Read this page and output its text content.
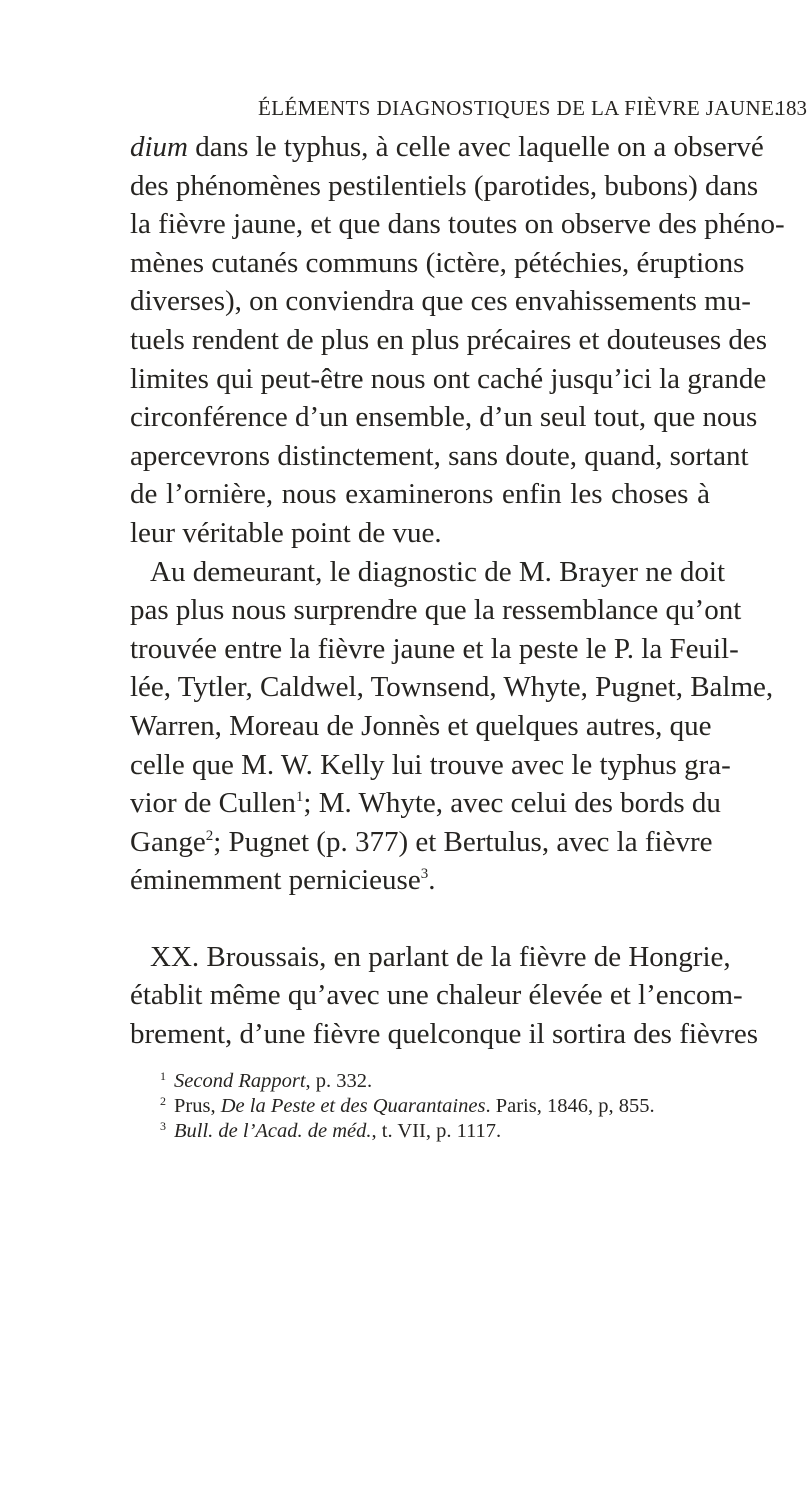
ÉLÉMENTS DIAGNOSTIQUES DE LA FIÈVRE JAUNE.
183
dium dans le typhus, à celle avec laquelle on a observé
des phénomènes pestilentiels (parotides, bubons) dans
la fièvre jaune, et que dans toutes on observe des phéno-
mènes cutanés communs (ictère, pétéchies, éruptions
diverses), on conviendra que ces envahissements mu-
tuels rendent de plus en plus précaires et douteuses des
limites qui peut-être nous ont caché jusqu’ici la grande
circonférence d’un ensemble, d’un seul tout, que nous
apercevrons distinctement, sans doute, quand, sortant
de l’ornière, nous examinerons enfin les choses à
leur véritable point de vue.
Au demeurant, le diagnostic de M. Brayer ne doit
pas plus nous surprendre que la ressemblance qu’ont
trouvée entre la fièvre jaune et la peste le P. la Feuil-
lée, Tytler, Caldwel, Townsend, Whyte, Pugnet, Balme,
Warren, Moreau de Jonnès et quelques autres, que
celle que M. W. Kelly lui trouve avec le typhus gra-
vior de Cullen$^1$; M. Whyte, avec celui des bords du
Gange$^2$; Pugnet (p. 377) et Bertulus, avec la fièvre
éminemment pernicieuse$^3$.
XX. Broussais, en parlant de la fièvre de Hongrie,
établit même qu’avec une chaleur élevée et l’encom-
brement, d’une fièvre quelconque il sortira des fièvres
$^1$ Second Rapport, p. 332.
$^2$ Prus, De la Peste et des Quarantaines. Paris, 1846, p, 855.
$^3$ Bull. de l’Acad. de méd., t. VII, p. 1117.
